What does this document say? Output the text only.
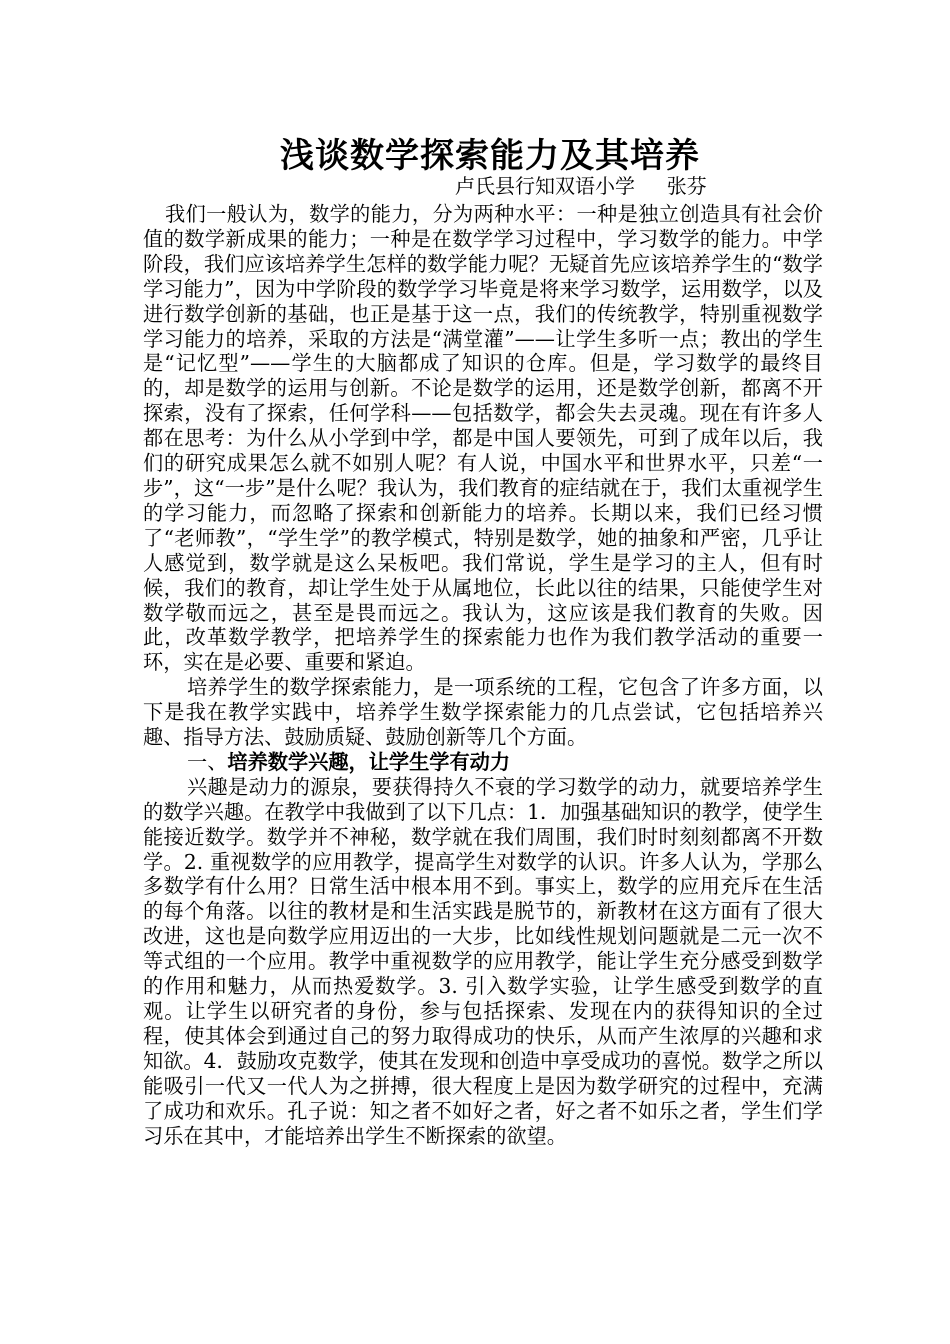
浅谈数学探索能力及其培养
卢氏县行知双语小学     张芬

我们一般认为，数学的能力，分为两种水平：一种是独立创造具有社会价值的数学新成果的能力；一种是在数学学习过程中，学习数学的能力。中学阶段，我们应该培养学生怎样的数学能力呢？无疑首先应该培养学生的“数学学习能力”，因为中学阶段的数学学习毕竟是将来学习数学，运用数学，以及进行数学创新的基础，也正是基于这一点，我们的传统教学，特别重视数学学习能力的培养，采取的方法是“满堂灌”——让学生多听一点；教出的学生是“记忆型”——学生的大脑都成了知识的仓库。但是，学习数学的最终目的，却是数学的运用与创新。不论是数学的运用，还是数学创新，都离不开探索，没有了探索，任何学科——包括数学，都会失去灵魂。现在有许多人都在思考：为什么从小学到中学，都是中国人要领先，可到了成年以后，我们的研究成果怎么就不如别人呢？有人说，中国水平和世界水平，只差“一步”，这“一步”是什么呢？我认为，我们教育的症结就在于，我们太重视学生的学习能力，而忽略了探索和创新能力的培养。长期以来，我们已经习惯了“老师教”，“学生学”的教学模式，特别是数学，她的抽象和严密，几乎让人感觉到，数学就是这么呆板吧。我们常说，学生是学习的主人，但有时候，我们的教育，却让学生处于从属地位，长此以往的结果，只能使学生对数学敬而远之，甚至是畏而远之。我认为，这应该是我们教育的失败。因此，改革数学教学，把培养学生的探索能力也作为我们教学活动的重要一环，实在是必要、重要和紧迫。

培养学生的数学探索能力，是一项系统的工程，它包含了许多方面，以下是我在教学实践中，培养学生数学探索能力的几点尝试，它包括培养兴趣、指导方法、鼓励质疑、鼓励创新等几个方面。

一、培养数学兴趣，让学生学有动力

兴趣是动力的源泉，要获得持久不衰的学习数学的动力，就要培养学生的数学兴趣。在教学中我做到了以下几点：1．加强基础知识的教学，使学生能接近数学。数学并不神秘，数学就在我们周围，我们时时刻刻都离不开数学。2. 重视数学的应用教学，提高学生对数学的认识。许多人认为，学那么多数学有什么用？日常生活中根本用不到。事实上，数学的应用充斥在生活的每个角落。以往的教材是和生活实践是脱节的，新教材在这方面有了很大改进，这也是向数学应用迈出的一大步，比如线性规划问题就是二元一次不等式组的一个应用。教学中重视数学的应用教学，能让学生充分感受到数学的作用和魅力，从而热爱数学。3. 引入数学实验，让学生感受到数学的直观。让学生以研究者的身份，参与包括探索、发现在内的获得知识的全过程，使其体会到通过自己的努力取得成功的快乐，从而产生浓厚的兴趣和求知欲。4．鼓励攻克数学，使其在发现和创造中享受成功的喜悦。数学之所以能吸引一代又一代人为之拼搏，很大程度上是因为数学研究的过程中，充满了成功和欢乐。孔子说：知之者不如好之者，好之者不如乐之者，学生们学习乐在其中，才能培养出学生不断探索的欲望。
